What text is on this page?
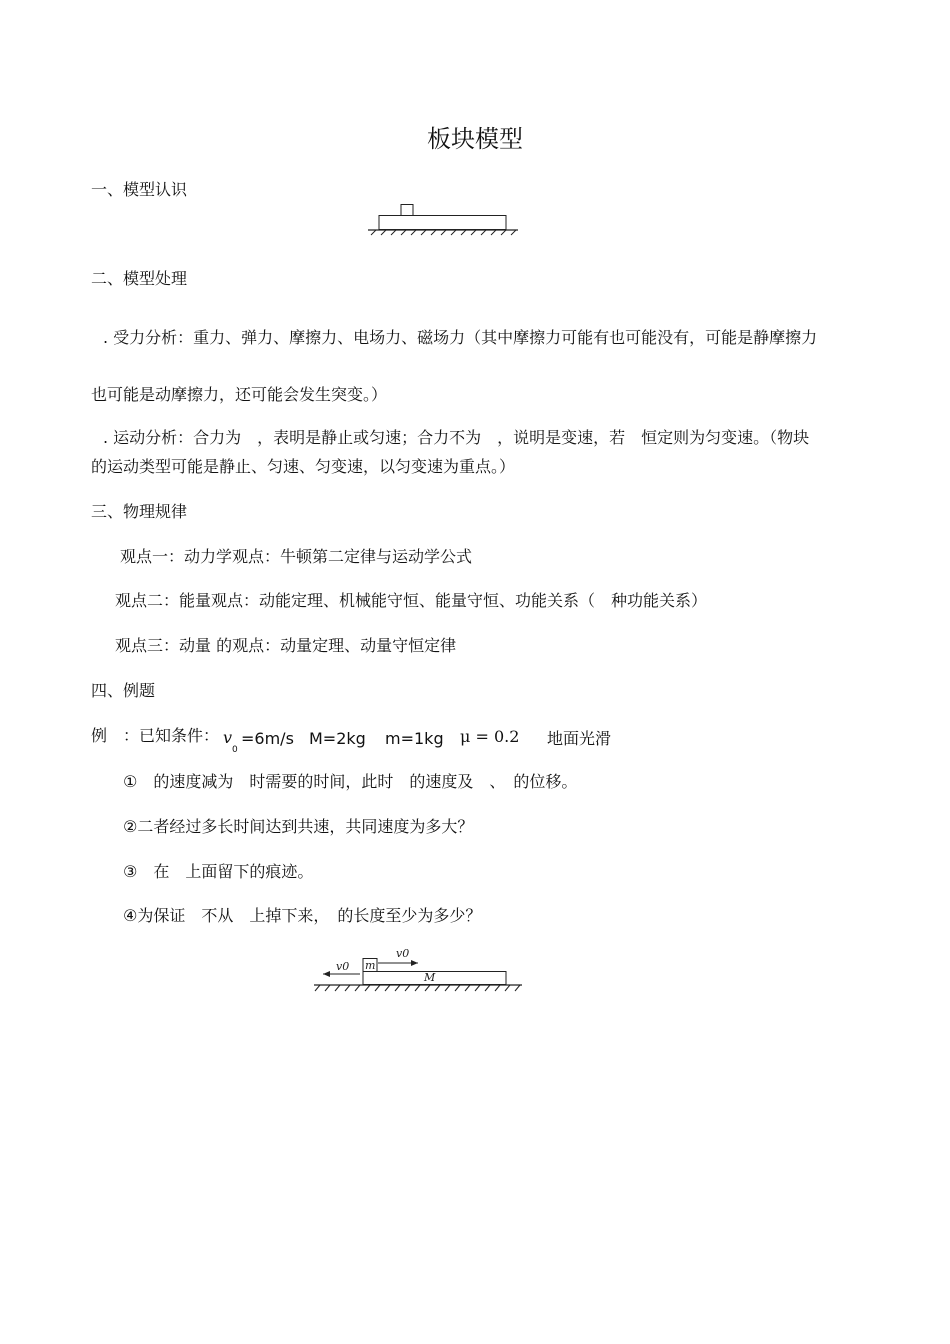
板块模型
一、模型认识
二、模型处理
. 受力分析：重力、弹力、摩擦力、电场力、磁场力（其中摩擦力可能有也可能没有，可能是静摩擦力
也可能是动摩擦力，还可能会发生突变。）
. 运动分析：合力为　，表明是静止或匀速；合力不为　，说明是变速，若　恒定则为匀变速。（物块
的运动类型可能是静止、匀速、匀变速，以匀变速为重点。）
三、物理规律
观点一：动力学观点：牛顿第二定律与运动学公式
观点二：能量观点：动能定理、机械能守恒、能量守恒、功能关系（　种功能关系）
观点三：动量 的观点：动量定理、动量守恒定律
四、例题
例　：已知条件： v
0
=6m/s M=2kg m=1kg μ = 0.2 地面光滑
①　的速度减为　时需要的时间，此时　的速度及　、　的位移。
②二者经过多长时间达到共速，共同速度为多大？
③　在　上面留下的痕迹。
④为保证　不从　上掉下来，　的长度至少为多少？
v0
v0
m
M
